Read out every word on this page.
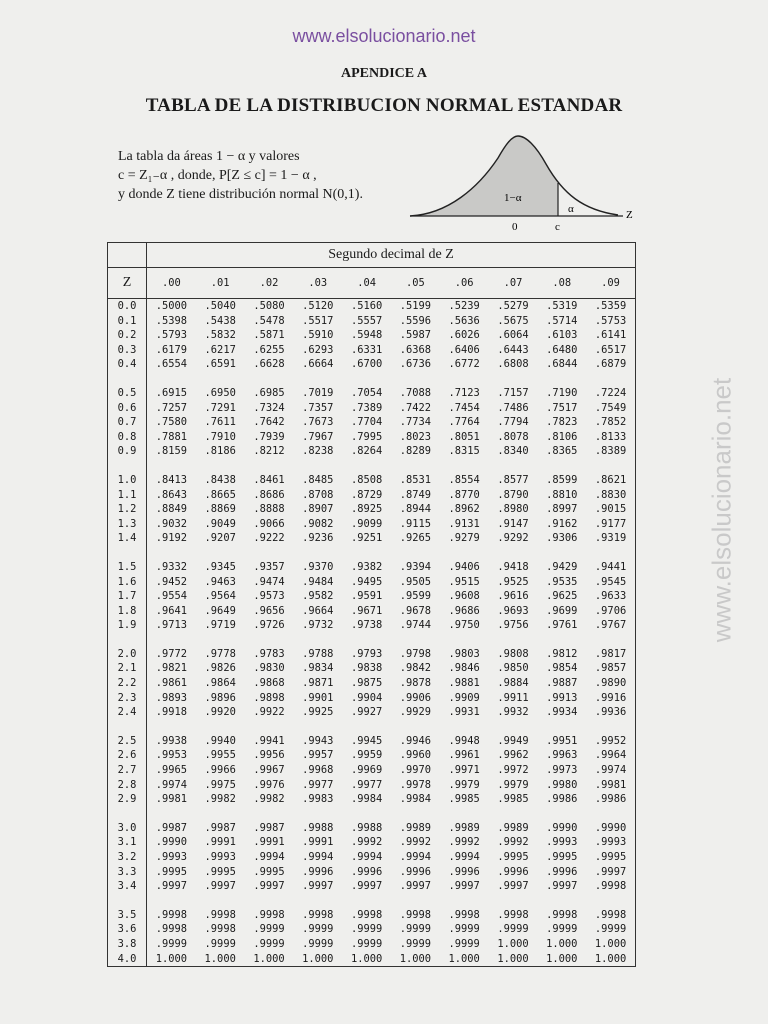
www.elsolucionario.net
APENDICE A
TABLA DE LA DISTRIBUCION NORMAL ESTANDAR
La tabla da áreas 1 − α y valores
c = Z₁₋α , donde, P[Z ≤ c] = 1 − α ,
y donde Z tiene distribución normal N(0,1).	1−α
α	Z
0	c
www.elsolucionario.net
	Segundo decimal de Z									
Z	.00	.01	.02	.03	.04	.05	.06	.07	.08	.09
0.0	.5000	.5040	.5080	.5120	.5160	.5199	.5239	.5279	.5319	.5359
0.1	.5398	.5438	.5478	.5517	.5557	.5596	.5636	.5675	.5714	.5753
0.2	.5793	.5832	.5871	.5910	.5948	.5987	.6026	.6064	.6103	.6141
0.3	.6179	.6217	.6255	.6293	.6331	.6368	.6406	.6443	.6480	.6517
0.4	.6554	.6591	.6628	.6664	.6700	.6736	.6772	.6808	.6844	.6879

0.5	.6915	.6950	.6985	.7019	.7054	.7088	.7123	.7157	.7190	.7224
0.6	.7257	.7291	.7324	.7357	.7389	.7422	.7454	.7486	.7517	.7549
0.7	.7580	.7611	.7642	.7673	.7704	.7734	.7764	.7794	.7823	.7852
0.8	.7881	.7910	.7939	.7967	.7995	.8023	.8051	.8078	.8106	.8133
0.9	.8159	.8186	.8212	.8238	.8264	.8289	.8315	.8340	.8365	.8389

1.0	.8413	.8438	.8461	.8485	.8508	.8531	.8554	.8577	.8599	.8621
1.1	.8643	.8665	.8686	.8708	.8729	.8749	.8770	.8790	.8810	.8830
1.2	.8849	.8869	.8888	.8907	.8925	.8944	.8962	.8980	.8997	.9015
1.3	.9032	.9049	.9066	.9082	.9099	.9115	.9131	.9147	.9162	.9177
1.4	.9192	.9207	.9222	.9236	.9251	.9265	.9279	.9292	.9306	.9319

1.5	.9332	.9345	.9357	.9370	.9382	.9394	.9406	.9418	.9429	.9441
1.6	.9452	.9463	.9474	.9484	.9495	.9505	.9515	.9525	.9535	.9545
1.7	.9554	.9564	.9573	.9582	.9591	.9599	.9608	.9616	.9625	.9633
1.8	.9641	.9649	.9656	.9664	.9671	.9678	.9686	.9693	.9699	.9706
1.9	.9713	.9719	.9726	.9732	.9738	.9744	.9750	.9756	.9761	.9767

2.0	.9772	.9778	.9783	.9788	.9793	.9798	.9803	.9808	.9812	.9817
2.1	.9821	.9826	.9830	.9834	.9838	.9842	.9846	.9850	.9854	.9857
2.2	.9861	.9864	.9868	.9871	.9875	.9878	.9881	.9884	.9887	.9890
2.3	.9893	.9896	.9898	.9901	.9904	.9906	.9909	.9911	.9913	.9916
2.4	.9918	.9920	.9922	.9925	.9927	.9929	.9931	.9932	.9934	.9936

2.5	.9938	.9940	.9941	.9943	.9945	.9946	.9948	.9949	.9951	.9952
2.6	.9953	.9955	.9956	.9957	.9959	.9960	.9961	.9962	.9963	.9964
2.7	.9965	.9966	.9967	.9968	.9969	.9970	.9971	.9972	.9973	.9974
2.8	.9974	.9975	.9976	.9977	.9977	.9978	.9979	.9979	.9980	.9981
2.9	.9981	.9982	.9982	.9983	.9984	.9984	.9985	.9985	.9986	.9986

3.0	.9987	.9987	.9987	.9988	.9988	.9989	.9989	.9989	.9990	.9990
3.1	.9990	.9991	.9991	.9991	.9992	.9992	.9992	.9992	.9993	.9993
3.2	.9993	.9993	.9994	.9994	.9994	.9994	.9994	.9995	.9995	.9995
3.3	.9995	.9995	.9995	.9996	.9996	.9996	.9996	.9996	.9996	.9997
3.4	.9997	.9997	.9997	.9997	.9997	.9997	.9997	.9997	.9997	.9998

3.5	.9998	.9998	.9998	.9998	.9998	.9998	.9998	.9998	.9998	.9998
3.6	.9998	.9998	.9999	.9999	.9999	.9999	.9999	.9999	.9999	.9999
3.8	.9999	.9999	.9999	.9999	.9999	.9999	.9999	1.000	1.000	1.000
4.0	1.000	1.000	1.000	1.000	1.000	1.000	1.000	1.000	1.000	1.000
